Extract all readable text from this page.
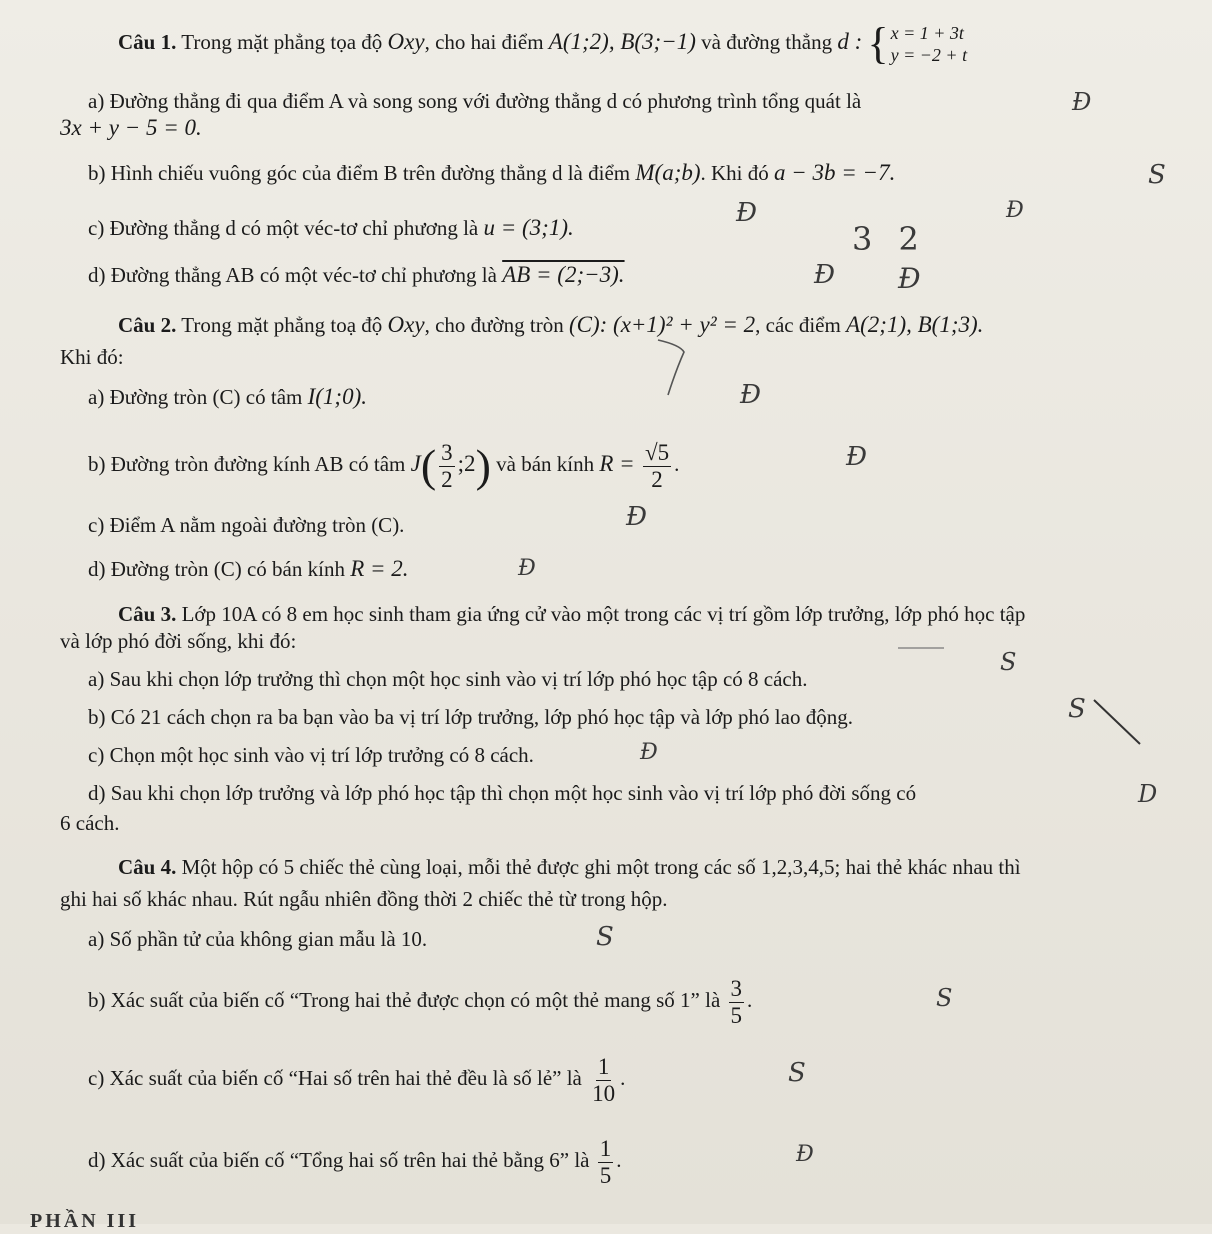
Câu 1. Trong mặt phẳng tọa độ Oxy, cho hai điểm A(1;2), B(3;−1) và đường thẳng d : { x = 1 + 3t
y = −2 + t
a) Đường thẳng đi qua điểm A và song song với đường thẳng d có phương trình tổng quát là
3x + y − 5 = 0.
b) Hình chiếu vuông góc của điểm B trên đường thẳng d là điểm M(a;b). Khi đó a − 3b = −7.
c) Đường thẳng d có một véc-tơ chỉ phương là u = (3;1).
d) Đường thẳng AB có một véc-tơ chỉ phương là AB = (2;−3).
Câu 2. Trong mặt phẳng toạ độ Oxy, cho đường tròn (C): (x+1)² + y² = 2, các điểm A(2;1), B(1;3).
Khi đó:
a) Đường tròn (C) có tâm I(1;0).
b) Đường tròn đường kính AB có tâm $J( \frac{3}{2}$ ;2) và bán kính $R = \frac{√5}{2}$ .
c) Điểm A nằm ngoài đường tròn (C).
d) Đường tròn (C) có bán kính R = 2.
Câu 3. Lớp 10A có 8 em học sinh tham gia ứng cử vào một trong các vị trí gồm lớp trưởng, lớp phó học tập
và lớp phó đời sống, khi đó:
a) Sau khi chọn lớp trưởng thì chọn một học sinh vào vị trí lớp phó học tập có 8 cách.
b) Có 21 cách chọn ra ba bạn vào ba vị trí lớp trưởng, lớp phó học tập và lớp phó lao động.
c) Chọn một học sinh vào vị trí lớp trưởng có 8 cách.
d) Sau khi chọn lớp trưởng và lớp phó học tập thì chọn một học sinh vào vị trí lớp phó đời sống có
6 cách.
Câu 4. Một hộp có 5 chiếc thẻ cùng loại, mỗi thẻ được ghi một trong các số 1,2,3,4,5; hai thẻ khác nhau thì
ghi hai số khác nhau. Rút ngẫu nhiên đồng thời 2 chiếc thẻ từ trong hộp.
a) Số phần tử của không gian mẫu là 10.
b) Xác suất của biến cố “Trong hai thẻ được chọn có một thẻ mang số 1” là $\frac{3}{5}$ .
c) Xác suất của biến cố “Hai số trên hai thẻ đều là số lẻ” là $\frac{1}{10}$ .
d) Xác suất của biến cố “Tổng hai số trên hai thẻ bằng 6” là $\frac{1}{5}$ .
PHẦN III
Đ
S
Đ
3 2
Đ
Đ Đ
Đ
Đ
Đ
Đ
S
S
Đ
D
S
S
S
Đ
